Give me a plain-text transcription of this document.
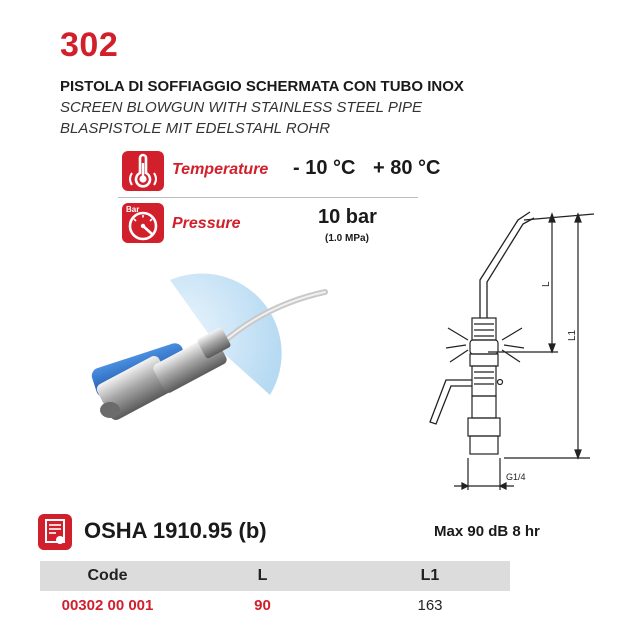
302
PISTOLA DI SOFFIAGGIO SCHERMATA CON TUBO INOX
SCREEN BLOWGUN WITH STAINLESS STEEL PIPE
BLASPISTOLE MIT EDELSTAHL ROHR
Temperature - 10 °C + 80 °C
Bar
Pressure	10 bar
(1.0 MPa)
L
L1
G1/4
OSHA 1910.95 (b)	Max 90 dB 8 hr
Code	L	L1
00302 00 001	90	163
